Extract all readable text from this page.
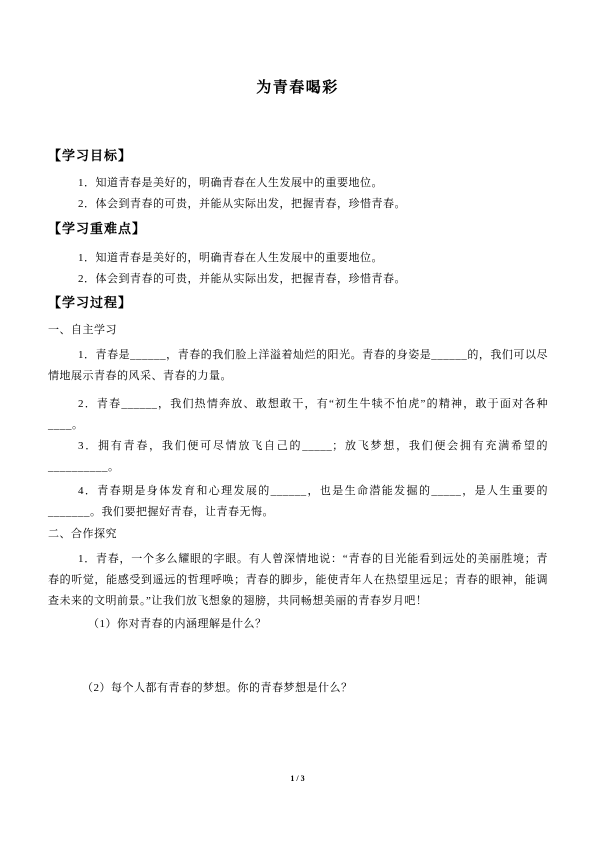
为青春喝彩

【学习目标】

1．知道青春是美好的，明确青春在人生发展中的重要地位。

2．体会到青春的可贵，并能从实际出发，把握青春，珍惜青春。

【学习重难点】

1．知道青春是美好的，明确青春在人生发展中的重要地位。

2．体会到青春的可贵，并能从实际出发，把握青春，珍惜青春。

【学习过程】

一、自主学习

1．青春是______，青春的我们脸上洋溢着灿烂的阳光。青春的身姿是______的，我们可以尽情地展示青春的风采、青春的力量。

2．青春______，我们热情奔放、敢想敢干，有“初生牛犊不怕虎”的精神，敢于面对各种____。

3．拥有青春，我们便可尽情放飞自己的_____；放飞梦想，我们便会拥有充满希望的__________。

4．青春期是身体发育和心理发展的______，也是生命潜能发掘的_____，是人生重要的_______。我们要把握好青春，让青春无悔。

二、合作探究

1．青春，一个多么耀眼的字眼。有人曾深情地说：“青春的目光能看到远处的美丽胜境；青春的听觉，能感受到遥远的哲理呼唤；青春的脚步，能使青年人在热望里远足；青春的眼神，能调查未来的文明前景。”让我们放飞想象的翅膀，共同畅想美丽的青春岁月吧！

（1）你对青春的内涵理解是什么？

（2）每个人都有青春的梦想。你的青春梦想是什么？

1 / 3
